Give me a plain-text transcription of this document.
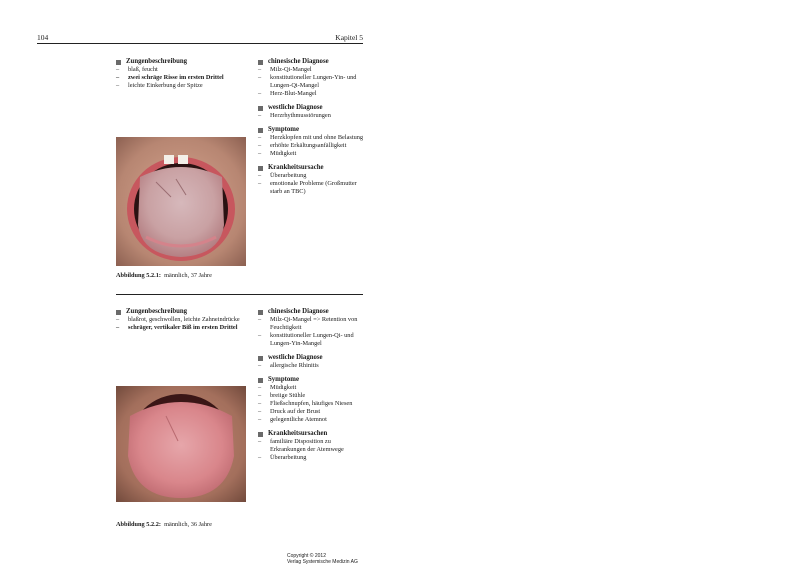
104	Kapitel 5
Zungenbeschreibung
– blaß, feucht
– zwei schräge Risse im ersten Drittel
– leichte Einkerbung der Spitze
chinesische Diagnose
– Milz-Qi-Mangel
– konstitutioneller Lungen-Yin- und Lungen-Qi-Mangel
– Herz-Blut-Mangel
westliche Diagnose
– Herzrhythmusstörungen
Symptome
– Herzklopfen mit und ohne Belastung
– erhöhte Erkältungsanfälligkeit
– Müdigkeit
Krankheitsursache
– Überarbeitung
– emotionale Probleme (Großmutter starb an TBC)
Abbildung 5.2.1: männlich, 37 Jahre
Zungenbeschreibung
– blaßrot, geschwollen, leichte Zahneindrücke
– schräger, vertikaler Biß im ersten Drittel
chinesische Diagnose
– Milz-Qi-Mangel => Retention von Feuchtigkeit
– konstitutioneller Lungen-Qi- und Lungen-Yin-Mangel
westliche Diagnose
– allergische Rhinitis
Symptome
– Müdigkeit
– breiige Stühle
– Fließschnupfen, häufiges Niesen
– Druck auf der Brust
– gelegentliche Atemnot
Krankheitsursachen
– familiäre Disposition zu Erkrankungen der Atemwege
– Überarbeitung
Abbildung 5.2.2: männlich, 36 Jahre
Copyright © 2012
Verlag Systemische Medizin AG
